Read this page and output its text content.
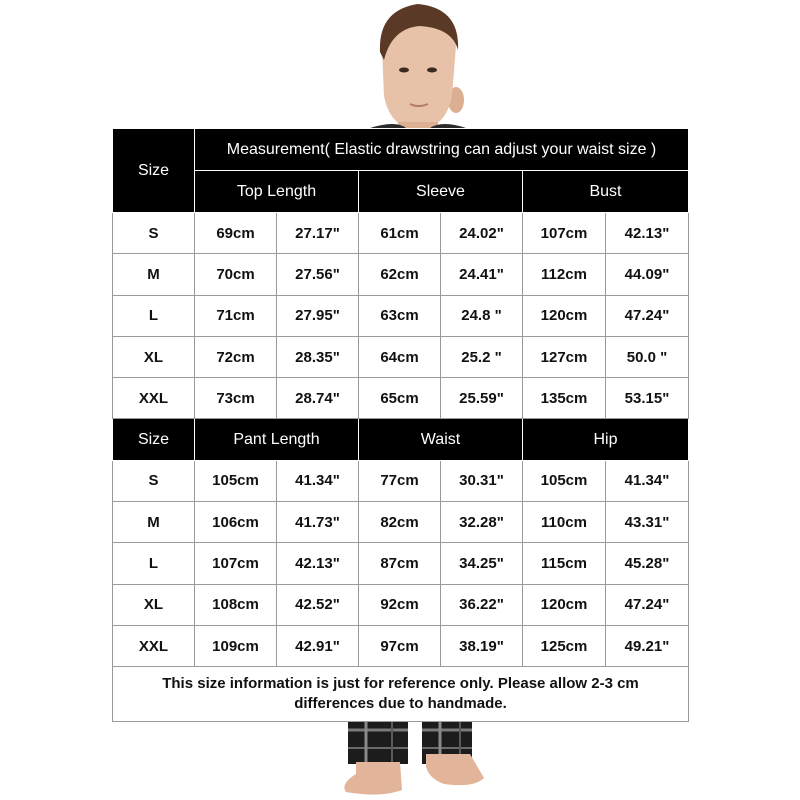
Size	Measurement( Elastic drawstring can adjust your waist size )					
	Top Length		Sleeve		Bust	
S	69cm	27.17"	61cm	24.02"	107cm	42.13"
M	70cm	27.56"	62cm	24.41"	112cm	44.09"
L	71cm	27.95"	63cm	24.8 "	120cm	47.24"
XL	72cm	28.35"	64cm	25.2 "	127cm	50.0 "
XXL	73cm	28.74"	65cm	25.59"	135cm	53.15"
Size	Pant Length		Waist		Hip	
S	105cm	41.34"	77cm	30.31"	105cm	41.34"
M	106cm	41.73"	82cm	32.28"	110cm	43.31"
L	107cm	42.13"	87cm	34.25"	115cm	45.28"
XL	108cm	42.52"	92cm	36.22"	120cm	47.24"
XXL	109cm	42.91"	97cm	38.19"	125cm	49.21"
This size information is just for reference only. Please allow 2-3 cm differences due to handmade.						
